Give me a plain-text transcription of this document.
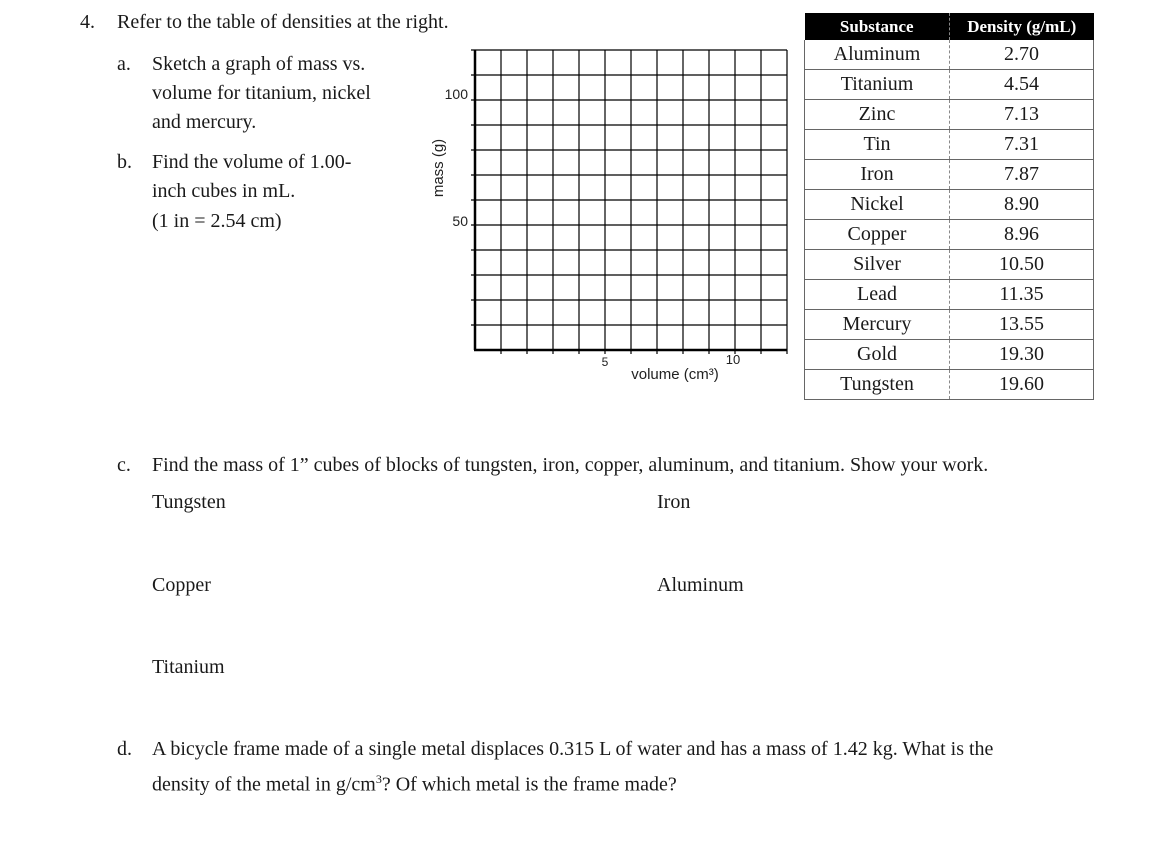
4. Refer to the table of densities at the right.
a. Sketch a graph of mass vs.
volume for titanium, nickel
and mercury.
b. Find the volume of 1.00-
inch cubes in mL.
(1 in = 2.54 cm)
100
50
5	10
volume (cm³)
mass (g)
Substance	Density (g/mL)
Aluminum	2.70
Titanium	4.54
Zinc	7.13
Tin	7.31
Iron	7.87
Nickel	8.90
Copper	8.96
Silver	10.50
Lead	11.35
Mercury	13.55
Gold	19.30
Tungsten	19.60
c. Find the mass of 1” cubes of blocks of tungsten, iron, copper, aluminum, and titanium. Show your work.
Tungsten	Iron
Copper	Aluminum
Titanium
d. A bicycle frame made of a single metal displaces 0.315 L of water and has a mass of 1.42 kg. What is the
density of the metal in $g/cm^3$? Of which metal is the frame made?
